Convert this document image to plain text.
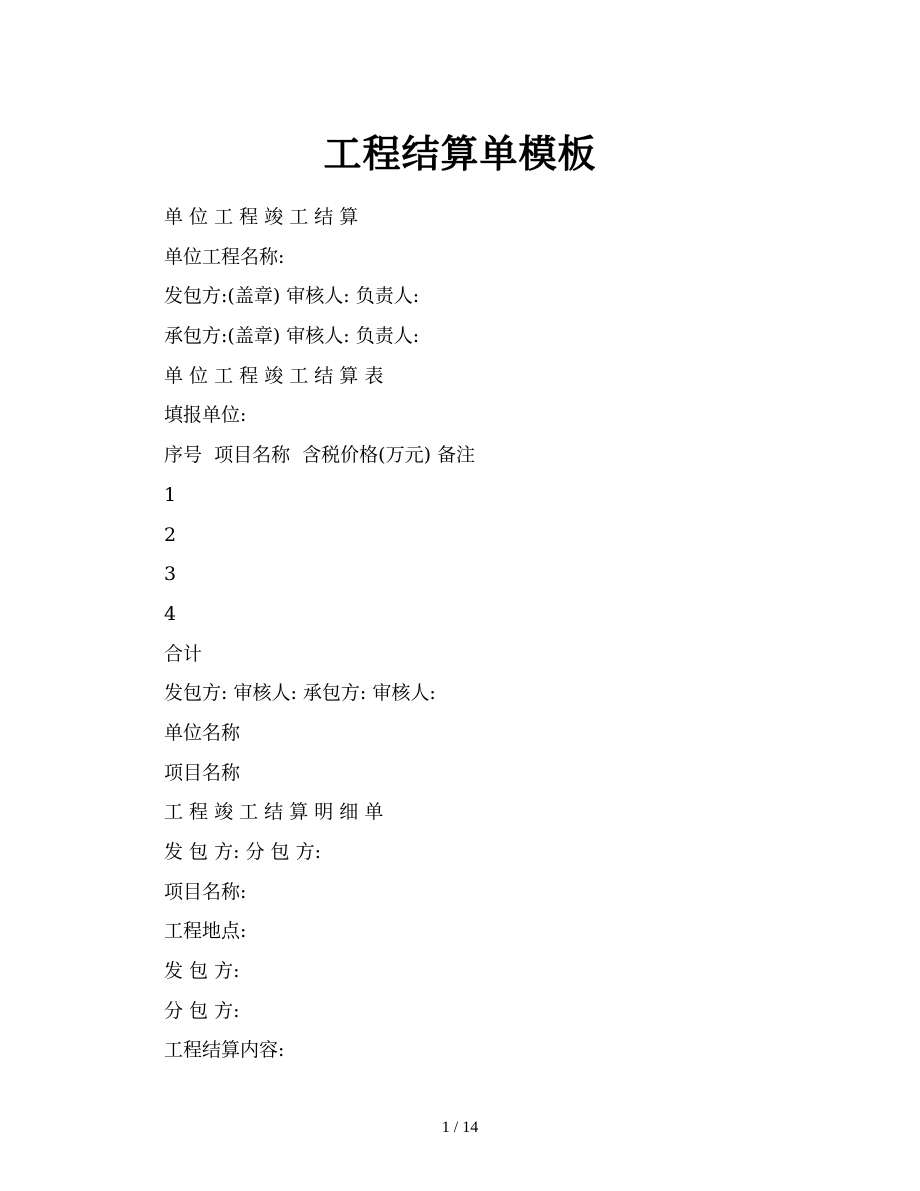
工程结算单模板
单 位 工 程 竣 工 结 算
单位工程名称:
发包方:(盖章) 审核人: 负责人:
承包方:(盖章) 审核人: 负责人:
单 位 工 程 竣 工 结 算 表
填报单位:
序号  项目名称  含税价格(万元) 备注
1
2
3
4
合计
发包方: 审核人: 承包方: 审核人:
单位名称
项目名称
工 程 竣 工 结 算 明 细 单
发 包 方: 分 包 方:
项目名称:
工程地点:
发 包 方:
分 包 方:
工程结算内容:
1 / 14
